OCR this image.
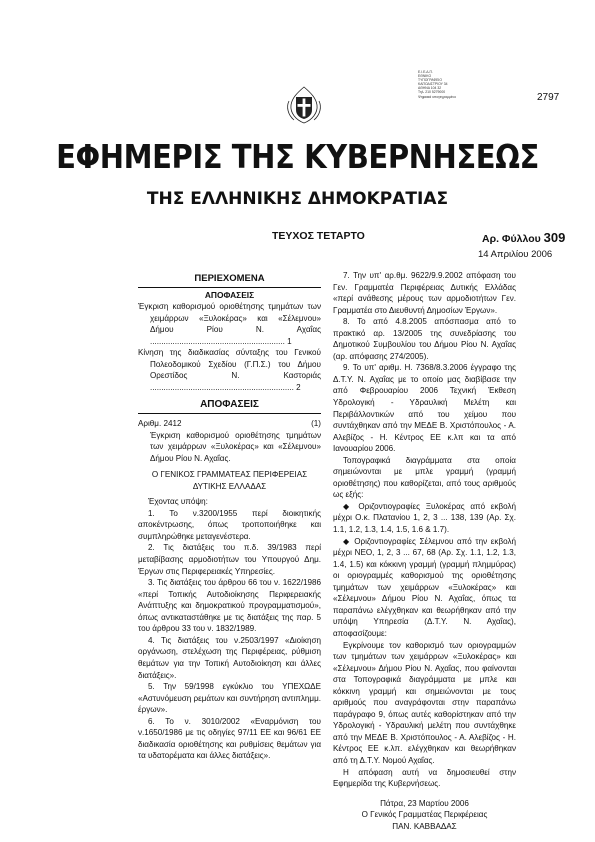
2797
Ε.Ι.Ε.Δ.Π.
ΕΘΝΙΚΟ
ΤΥΠΟΓΡΑΦΕΙΟ
ΚΑΠΟΔΙΣΤΡΙΟΥ 34
ΑΘΗΝΑ 104 32
Τηλ. 210 5279000
Ψηφιακά υπογεγραμμένο
ΕΦΗΜΕΡΙΣ ΤΗΣ ΚΥΒΕΡΝΗΣΕΩΣ
ΤΗΣ ΕΛΛΗΝΙΚΗΣ ΔΗΜΟΚΡΑΤΙΑΣ
ΤΕΥΧΟΣ ΤΕΤΑΡΤΟ	Αρ. Φύλλου 309
14 Απριλίου 2006

ΠΕΡΙΕΧΟΜΕΝΑ

ΑΠΟΦΑΣΕΙΣ

Έγκριση καθορισμού οριοθέτησης τμημάτων των χειμάρρων «Ξυλοκέρας» και «Σέλεμνου» Δήμου Ρίου Ν. Αχαΐας ............................................................ 1

Κίνηση της διαδικασίας σύνταξης του Γενικού Πολεοδομικού Σχεδίου (Γ.Π.Σ.) του Δήμου Ορεστίδος Ν. Καστοριάς ................................................................ 2

ΑΠΟΦΑΣΕΙΣ

Αριθμ. 2412	(1)

Έγκριση καθορισμού οριοθέτησης τμημάτων των χειμάρρων «Ξυλοκέρας» και «Σέλεμνου» Δήμου Ρίου Ν. Αχαΐας.

Ο ΓΕΝΙΚΟΣ ΓΡΑΜΜΑΤΕΑΣ ΠΕΡΙΦΕΡΕΙΑΣ

ΔΥΤΙΚΗΣ ΕΛΛΑΔΑΣ

Έχοντας υπόψη:

1. Το ν.3200/1955 περί διοικητικής αποκέντρωσης, όπως τροποποιήθηκε και συμπληρώθηκε μεταγενέστερα.

2. Τις διατάξεις του π.δ. 39/1983 περί μεταβίβασης αρμοδιοτήτων του Υπουργού Δημ. Έργων στις Περιφερειακές Υπηρεσίες.

3. Τις διατάξεις του άρθρου 66 του ν. 1622/1986 «περί Τοπικής Αυτοδιοίκησης Περιφερειακής Ανάπτυξης και δημοκρατικού προγραμματισμού», όπως αντικαταστάθηκε με τις διατάξεις της παρ. 5 του άρθρου 33 του ν. 1832/1989.

4. Τις διατάξεις του ν.2503/1997 «Διοίκηση οργάνωση, στελέχωση της Περιφέρειας, ρύθμιση θεμάτων για την Τοπική Αυτοδιοίκηση και άλλες διατάξεις».

5. Την 59/1998 εγκύκλιο του ΥΠΕΧΩΔΕ «Αστυνόμευση ρεμάτων και συντήρηση αντιπλημμ. έργων».

6. Το ν. 3010/2002 «Εναρμόνιση του ν.1650/1986 με τις οδηγίες 97/11 ΕΕ και 96/61 ΕΕ διαδικασία οριοθέτησης και ρυθμίσεις θεμάτων για τα υδατορέματα και άλλες διατάξεις».

7. Την υπ' αρ.θμ. 9622/9.9.2002 απόφαση του Γεν. Γραμματέα Περιφέρειας Δυτικής Ελλάδας «περί ανάθεσης μέρους των αρμοδιοτήτων Γεν. Γραμματέα στο Διευθυντή Δημοσίων Έργων».

8. Το από 4.8.2005 απόσπασμα από το πρακτικό αρ. 13/2005 της συνεδρίασης του Δημοτικού Συμβουλίου του Δήμου Ρίου Ν. Αχαΐας (αρ. απόφασης 274/2005).

9. Το υπ' αριθμ. Η. 7368/8.3.2006 έγγραφο της Δ.Τ.Υ. Ν. Αχαΐας με το οποίο μας διαβίβασε την από Φεβρουαρίου 2006 Τεχνική Έκθεση Υδρολογική - Υδραυλική Μελέτη και Περιβάλλοντικών από του χείμου που συντάχθηκαν από την ΜΕΔΕ Β. Χριστόπουλος - Α. Αλεβίζος - Η. Κέντρος ΕΕ κ.λπ και τα από Ιανουαρίου 2006.

Τοπογραφικά διαγράμματα στα οποία σημειώνονται με μπλε γραμμή (γραμμή οριοθέτησης) που καθορίζεται, από τους αριθμούς ως εξής:

◆ Οριζοντιογραφίες Ξυλοκέρας από εκβολή μέχρι Ο.κ. Πλατανίου 1, 2, 3 ... 138, 139 (Αρ. Σχ. 1.1, 1.2, 1.3, 1.4, 1.5, 1.6 & 1.7).

◆ Οριζοντιογραφίες Σέλεμνου από την εκβολή μέχρι ΝΕΟ, 1, 2, 3 ... 67, 68 (Αρ. Σχ. 1.1, 1.2, 1.3, 1.4, 1.5) και κόκκινη γραμμή (γραμμή πλημμύρας) οι οριογραμμές καθορισμού της οριοθέτησης τμημάτων των χειμάρρων «Ξυλοκέρας» και «Σέλεμνου» Δήμου Ρίου Ν. Αχαΐας, όπως τα παραπάνω ελέγχθηκαν και θεωρήθηκαν από την υπόψη Υπηρεσία (Δ.Τ.Υ. Ν. Αχαΐας), αποφασίζουμε:

Εγκρίνουμε τον καθορισμό των οριογραμμών των τμημάτων των χειμάρρων «Ξυλοκέρας» και «Σέλεμνου» Δήμου Ρίου Ν. Αχαΐας, που φαίνονται στα Τοπογραφικά διαγράμματα με μπλε και κόκκινη γραμμή και σημειώνονται με τους αριθμούς που αναγράφονται στην παραπάνω παράγραφο 9, όπως αυτές καθορίστηκαν από την Υδρολογική - Υδραυλική μελέτη που συντάχθηκε από την ΜΕΔΕ Β. Χριστόπουλος - Α. Αλεβίζος - Η. Κέντρος ΕΕ κ.λπ. ελέγχθηκαν και θεωρήθηκαν από τη Δ.Τ.Υ. Νομού Αχαΐας.

Η απόφαση αυτή να δημοσιευθεί στην Εφημερίδα της Κυβερνήσεως.

Πάτρα, 23 Μαρτίου 2006

Ο Γενικός Γραμματέας Περιφέρειας

ΠΑΝ. ΚΑΒΒΑΔΑΣ
